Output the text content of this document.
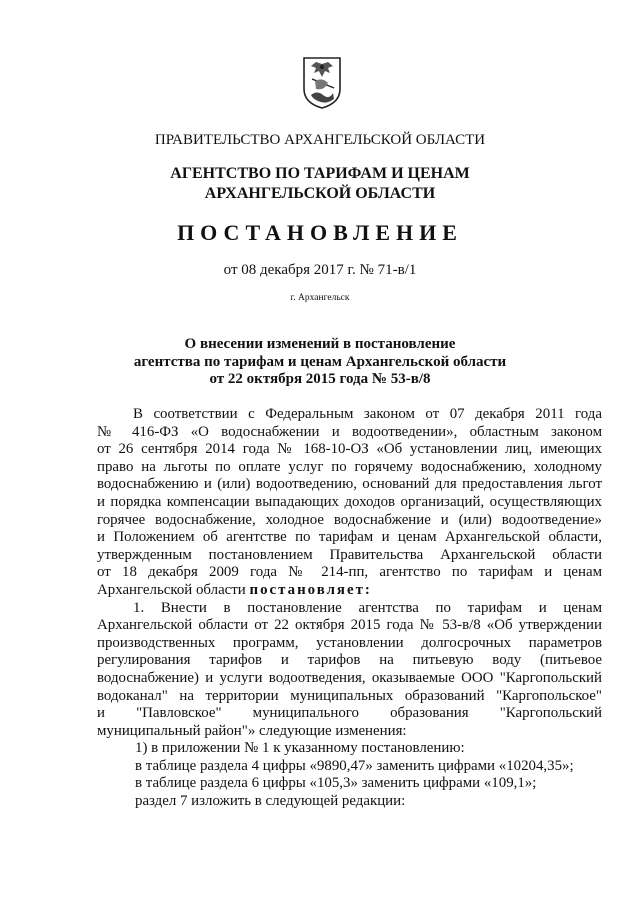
ПРАВИТЕЛЬСТВО АРХАНГЕЛЬСКОЙ ОБЛАСТИ
АГЕНТСТВО ПО ТАРИФАМ И ЦЕНАМ
АРХАНГЕЛЬСКОЙ ОБЛАСТИ
ПОСТАНОВЛЕНИЕ
от 08 декабря 2017 г. № 71-в/1
г. Архангельск
О внесении изменений в постановление
агентства по тарифам и ценам Архангельской области
от 22 октября 2015 года № 53-в/8
В соответствии с Федеральным законом от 07 декабря 2011 года
№ 416-ФЗ «О водоснабжении и водоотведении», областным законом
от 26 сентября 2014 года № 168-10-ОЗ «Об установлении лиц, имеющих
право на льготы по оплате услуг по горячему водоснабжению, холодному
водоснабжению и (или) водоотведению, оснований для предоставления льгот
и порядка компенсации выпадающих доходов организаций, осуществляющих
горячее водоснабжение, холодное водоснабжение и (или) водоотведение»
и Положением об агентстве по тарифам и ценам Архангельской области,
утвержденным постановлением Правительства Архангельской области
от 18 декабря 2009 года № 214-пп, агентство по тарифам и ценам
Архангельской области постановляет:
1. Внести в постановление агентства по тарифам и ценам
Архангельской области от 22 октября 2015 года № 53-в/8 «Об утверждении
производственных программ, установлении долгосрочных параметров
регулирования тарифов и тарифов на питьевую воду (питьевое
водоснабжение) и услуги водоотведения, оказываемые ООО "Каргопольский
водоканал" на территории муниципальных образований "Каргопольское"
и "Павловское" муниципального образования "Каргопольский
муниципальный район"» следующие изменения:
1) в приложении № 1 к указанному постановлению:
в таблице раздела 4 цифры «9890,47» заменить цифрами «10204,35»;
в таблице раздела 6 цифры «105,3» заменить цифрами «109,1»;
раздел 7 изложить в следующей редакции:
